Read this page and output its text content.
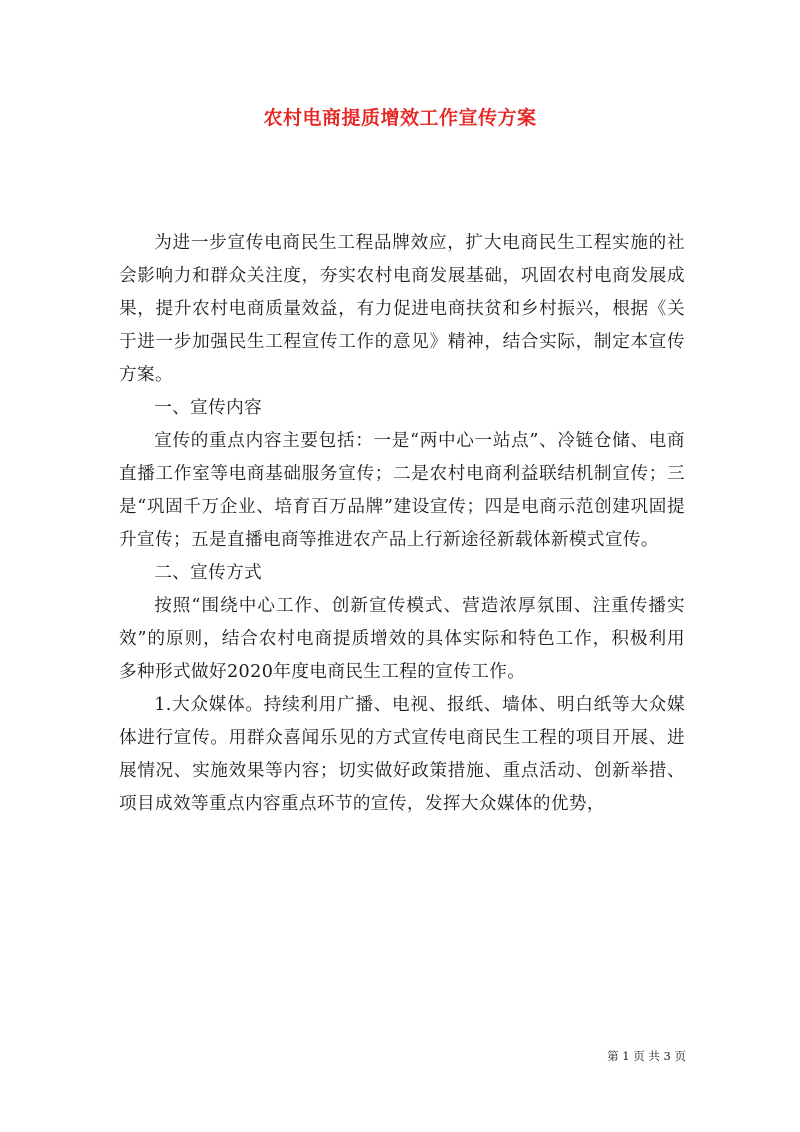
农村电商提质增效工作宣传方案

为进一步宣传电商民生工程品牌效应，扩大电商民生工程实施的社会影响力和群众关注度，夯实农村电商发展基础，巩固农村电商发展成果，提升农村电商质量效益，有力促进电商扶贫和乡村振兴，根据《关于进一步加强民生工程宣传工作的意见》精神，结合实际，制定本宣传方案。

一、宣传内容

宣传的重点内容主要包括：一是“两中心一站点”、冷链仓储、电商直播工作室等电商基础服务宣传；二是农村电商利益联结机制宣传；三是“巩固千万企业、培育百万品牌”建设宣传；四是电商示范创建巩固提升宣传；五是直播电商等推进农产品上行新途径新载体新模式宣传。

二、宣传方式

按照“围绕中心工作、创新宣传模式、营造浓厚氛围、注重传播实效”的原则，结合农村电商提质增效的具体实际和特色工作，积极利用多种形式做好2020年度电商民生工程的宣传工作。

1.大众媒体。持续利用广播、电视、报纸、墙体、明白纸等大众媒体进行宣传。用群众喜闻乐见的方式宣传电商民生工程的项目开展、进展情况、实施效果等内容；切实做好政策措施、重点活动、创新举措、项目成效等重点内容重点环节的宣传，发挥大众媒体的优势，

第 1 页 共 3 页
